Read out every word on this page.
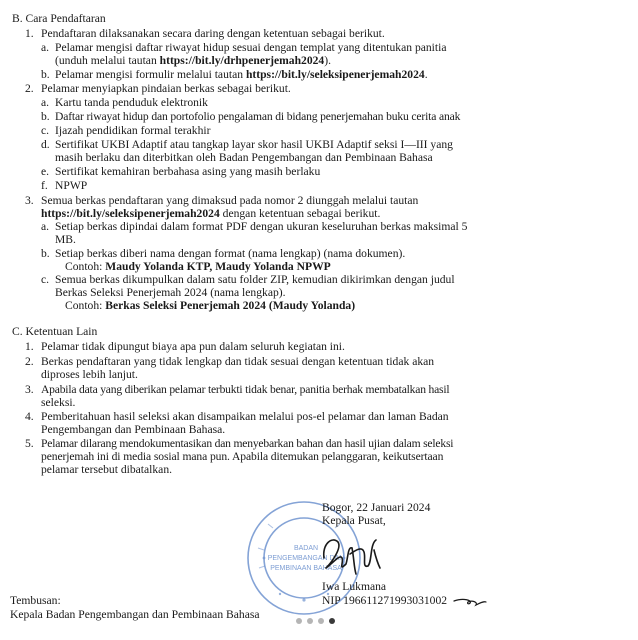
B. Cara Pendaftaran
1. Pendaftaran dilaksanakan secara daring dengan ketentuan sebagai berikut.
a. Pelamar mengisi daftar riwayat hidup sesuai dengan templat yang ditentukan panitia
(unduh melalui tautan https://bit.ly/drhpenerjemah2024).
b. Pelamar mengisi formulir melalui tautan https://bit.ly/seleksipenerjemah2024.
2. Pelamar menyiapkan pindaian berkas sebagai berikut.
a. Kartu tanda penduduk elektronik
b. Daftar riwayat hidup dan portofolio pengalaman di bidang penerjemahan buku cerita anak
c. Ijazah pendidikan formal terakhir
d. Sertifikat UKBI Adaptif atau tangkap layar skor hasil UKBI Adaptif seksi I—III yang
masih berlaku dan diterbitkan oleh Badan Pengembangan dan Pembinaan Bahasa
e. Sertifikat kemahiran berbahasa asing yang masih berlaku
f. NPWP
3. Semua berkas pendaftaran yang dimaksud pada nomor 2 diunggah melalui tautan
https://bit.ly/seleksipenerjemah2024 dengan ketentuan sebagai berikut.
a. Setiap berkas dipindai dalam format PDF dengan ukuran keseluruhan berkas maksimal 5
MB.
b. Setiap berkas diberi nama dengan format (nama lengkap) (nama dokumen).
Contoh: Maudy Yolanda KTP, Maudy Yolanda NPWP
c. Semua berkas dikumpulkan dalam satu folder ZIP, kemudian dikirimkan dengan judul
Berkas Seleksi Penerjemah 2024 (nama lengkap).
Contoh: Berkas Seleksi Penerjemah 2024 (Maudy Yolanda)
C. Ketentuan Lain
1. Pelamar tidak dipungut biaya apa pun dalam seluruh kegiatan ini.
2. Berkas pendaftaran yang tidak lengkap dan tidak sesuai dengan ketentuan tidak akan
diproses lebih lanjut.
3. Apabila data yang diberikan pelamar terbukti tidak benar, panitia berhak membatalkan hasil
seleksi.
4. Pemberitahuan hasil seleksi akan disampaikan melalui pos-el pelamar dan laman Badan
Pengembangan dan Pembinaan Bahasa.
5. Pelamar dilarang mendokumentasikan dan menyebarkan bahan dan hasil ujian dalam seleksi
penerjemah ini di media sosial mana pun. Apabila ditemukan pelanggaran, keikutsertaan
pelamar tersebut dibatalkan.
BADAN
PENGEMBANGAN DAN
PEMBINAAN BAHASA
Bogor, 22 Januari 2024
Kepala Pusat,
Iwa Lukmana
NIP 196611271993031002
Tembusan:
Kepala Badan Pengembangan dan Pembinaan Bahasa
